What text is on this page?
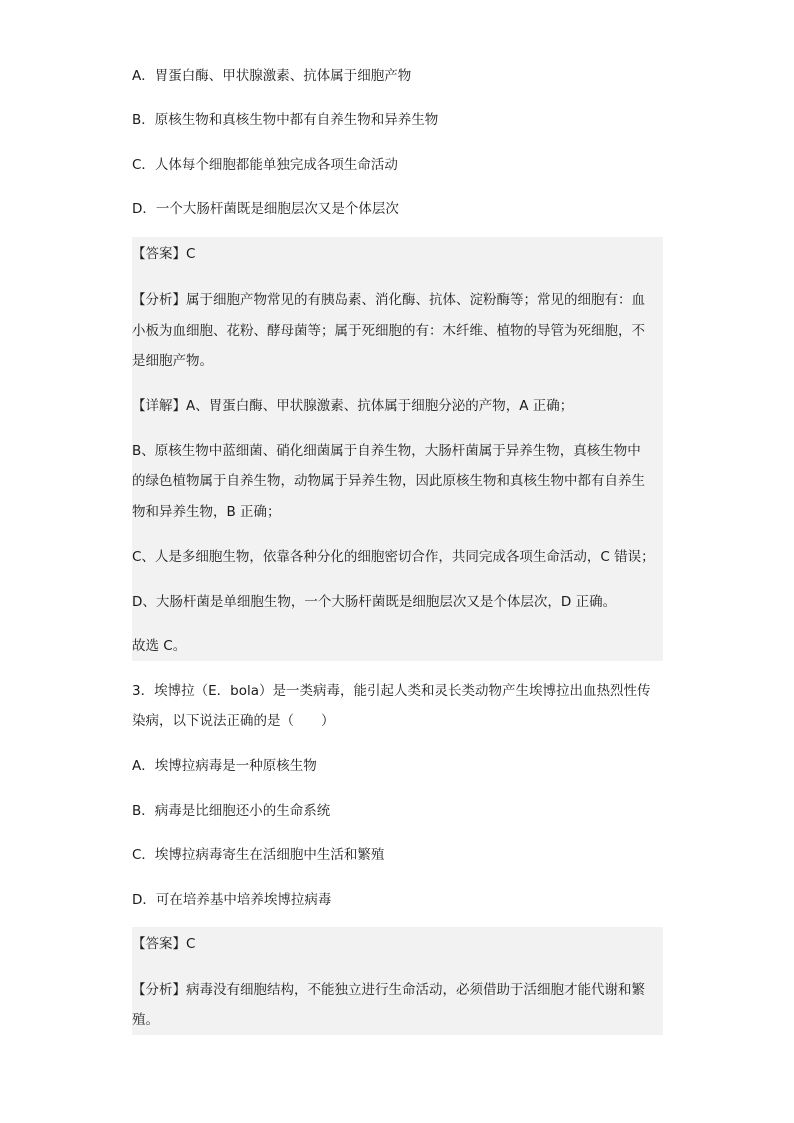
A．胃蛋白酶、甲状腺激素、抗体属于细胞产物
B．原核生物和真核生物中都有自养生物和异养生物
C．人体每个细胞都能单独完成各项生命活动
D．一个大肠杆菌既是细胞层次又是个体层次
【答案】C
【分析】属于细胞产物常见的有胰岛素、消化酶、抗体、淀粉酶等；常见的细胞有：血
小板为血细胞、花粉、酵母菌等；属于死细胞的有：木纤维、植物的导管为死细胞，不
是细胞产物。
【详解】A、胃蛋白酶、甲状腺激素、抗体属于细胞分泌的产物，A 正确；
B、原核生物中蓝细菌、硝化细菌属于自养生物，大肠杆菌属于异养生物，真核生物中
的绿色植物属于自养生物，动物属于异养生物，因此原核生物和真核生物中都有自养生
物和异养生物，B 正确；
C、人是多细胞生物，依靠各种分化的细胞密切合作，共同完成各项生命活动，C 错误；
D、大肠杆菌是单细胞生物，一个大肠杆菌既是细胞层次又是个体层次，D 正确。
故选 C。
3．埃博拉（E．bola）是一类病毒，能引起人类和灵长类动物产生埃博拉出血热烈性传
染病，以下说法正确的是（　　）
A．埃博拉病毒是一种原核生物
B．病毒是比细胞还小的生命系统
C．埃博拉病毒寄生在活细胞中生活和繁殖
D．可在培养基中培养埃博拉病毒
【答案】C
【分析】病毒没有细胞结构，不能独立进行生命活动，必须借助于活细胞才能代谢和繁
殖。
